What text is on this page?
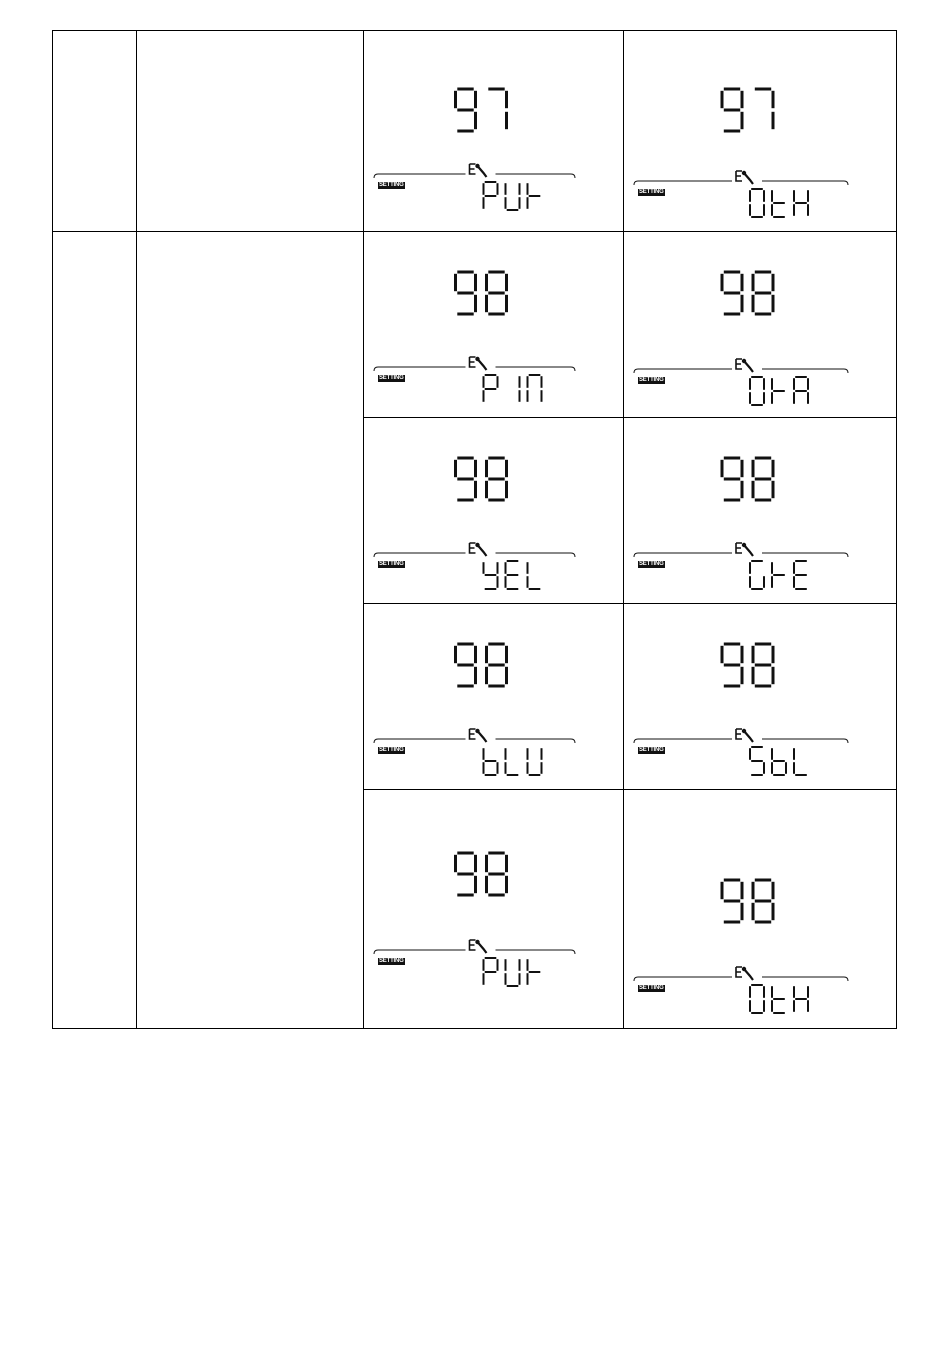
		SETTING	SETTING

		SETTING	SETTING

		SETTING	SETTING

		SETTING	SETTING

		SETTING	SETTING
